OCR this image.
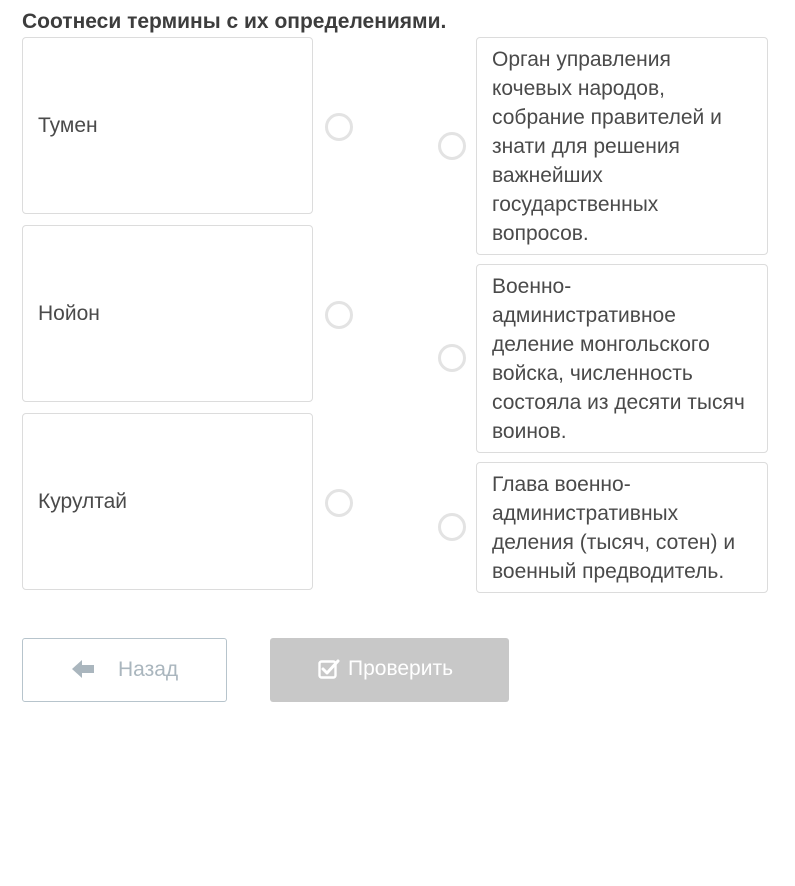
Соотнеси термины с их определениями.
Тумен
Нойон
Курултай
Орган управления кочевых народов, собрание правителей и знати для решения важнейших государственных вопросов.
Военно-административное деление монгольского войска, численность состояла из десяти тысяч воинов.
Глава военно-административных деления (тысяч, сотен) и военный предводитель.
Назад	Проверить
